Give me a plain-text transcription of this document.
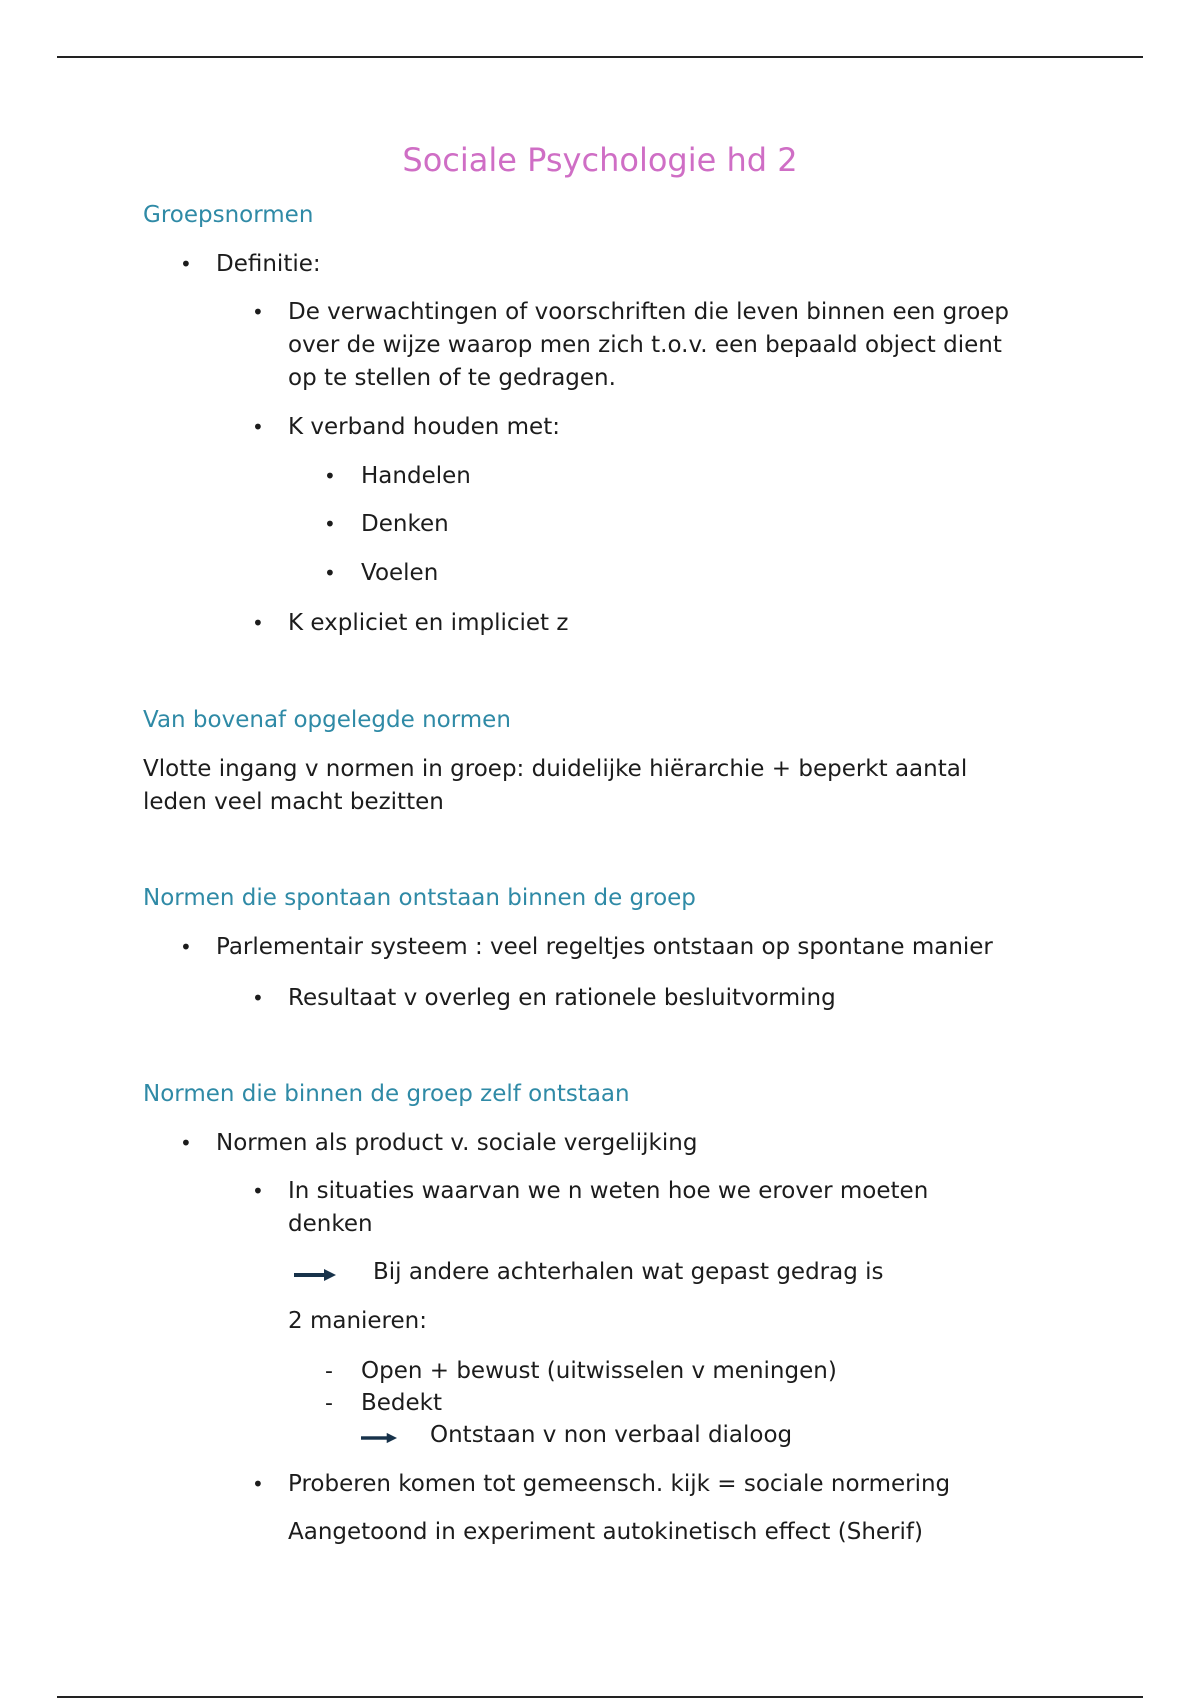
Sociale Psychologie hd 2
Groepsnormen
• Definitie:
• De verwachtingen of voorschriften die leven binnen een groep
over de wijze waarop men zich t.o.v. een bepaald object dient
op te stellen of te gedragen.
• K verband houden met:
• Handelen
• Denken
• Voelen
• K expliciet en impliciet z
Van bovenaf opgelegde normen
Vlotte ingang v normen in groep: duidelijke hiërarchie + beperkt aantal
leden veel macht bezitten
Normen die spontaan ontstaan binnen de groep
• Parlementair systeem : veel regeltjes ontstaan op spontane manier
• Resultaat v overleg en rationele besluitvorming
Normen die binnen de groep zelf ontstaan
• Normen als product v. sociale vergelijking
• In situaties waarvan we n weten hoe we erover moeten
denken
Bij andere achterhalen wat gepast gedrag is
2 manieren:
- Open + bewust (uitwisselen v meningen)
- Bedekt
Ontstaan v non verbaal dialoog
• Proberen komen tot gemeensch. kijk = sociale normering
Aangetoond in experiment autokinetisch effect (Sherif)
